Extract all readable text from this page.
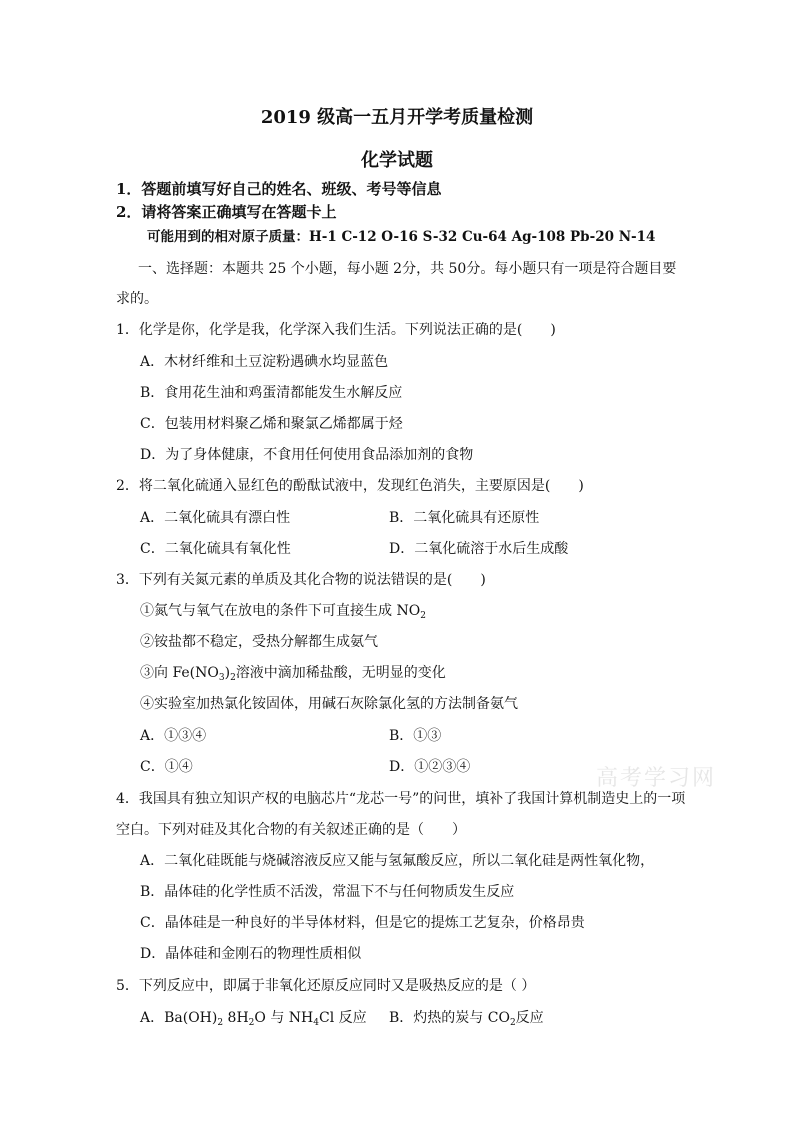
2019 级高一五月开学考质量检测
化学试题
1．答题前填写好自己的姓名、班级、考号等信息
2．请将答案正确填写在答题卡上
可能用到的相对原子质量：H-1 C-12 O-16 S-32 Cu-64 Ag-108 Pb-20 N-14
一、选择题：本题共 25 个小题，每小题 2分，共 50分。每小题只有一项是符合题目要
求的。
1．化学是你，化学是我，化学深入我们生活。下列说法正确的是(　　)
A．木材纤维和土豆淀粉遇碘水均显蓝色
B．食用花生油和鸡蛋清都能发生水解反应
C．包装用材料聚乙烯和聚氯乙烯都属于烃
D．为了身体健康，不食用任何使用食品添加剂的食物
2．将二氧化硫通入显红色的酚酞试液中，发现红色消失，主要原因是(　　)
A．二氧化硫具有漂白性	B．二氧化硫具有还原性
C．二氧化硫具有氧化性	D．二氧化硫溶于水后生成酸
3．下列有关氮元素的单质及其化合物的说法错误的是(　　)
①氮气与氧气在放电的条件下可直接生成 $NO_2$
②铵盐都不稳定，受热分解都生成氨气
③向 $Fe(NO_3)_2$溶液中滴加稀盐酸，无明显的变化
④实验室加热氯化铵固体，用碱石灰除氯化氢的方法制备氨气
A．①③④	B．①③
C．①④	D．①②③④	高考学习网
4．我国具有独立知识产权的电脑芯片“龙芯一号”的问世，填补了我国计算机制造史上的一项
空白。下列对硅及其化合物的有关叙述正确的是（　　）
A．二氧化硅既能与烧碱溶液反应又能与氢氟酸反应，所以二氧化硅是两性氧化物，
B．晶体硅的化学性质不活泼，常温下不与任何物质发生反应
C．晶体硅是一种良好的半导体材料，但是它的提炼工艺复杂，价格昂贵
D．晶体硅和金刚石的物理性质相似
5．下列反应中，即属于非氧化还原反应同时又是吸热反应的是（ ）
A．$Ba(OH)_2$ $8H_2O$ 与 $NH_4Cl$ 反应 B．灼热的炭与 $CO_2$反应
